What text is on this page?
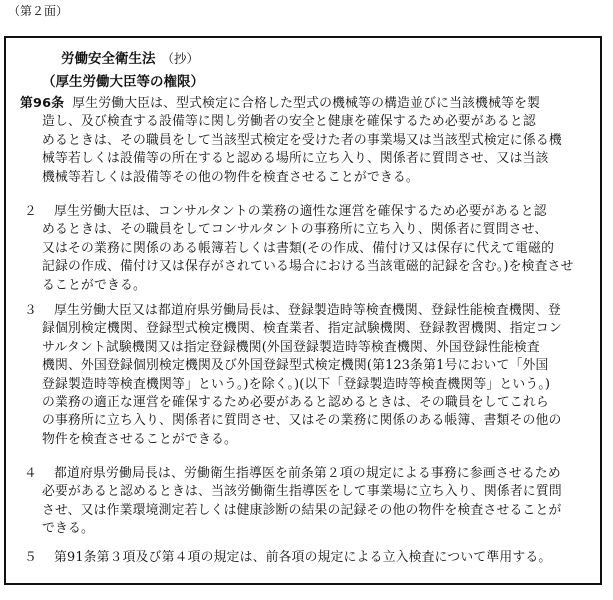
（第２面）
労働安全衛生法 （抄）
（厚生労働大臣等の権限）
第96条 厚生労働大臣は、型式検定に合格した型式の機械等の構造並びに当該機械等を製
造し、及び検査する設備等に関し労働者の安全と健康を確保するため必要があると認
めるときは、その職員をして当該型式検定を受けた者の事業場又は当該型式検定に係る機
械等若しくは設備等の所在すると認める場所に立ち入り、関係者に質問させ、又は当該
機械等若しくは設備等その他の物件を検査させることができる。
２ 厚生労働大臣は、コンサルタントの業務の適性な運営を確保するため必要があると認
めるときは、その職員をしてコンサルタントの事務所に立ち入り、関係者に質問させ、
又はその業務に関係のある帳簿若しくは書類(その作成、備付け又は保存に代えて電磁的
記録の作成、備付け又は保存がされている場合における当該電磁的記録を含む。)を検査させ
ることができる。
３ 厚生労働大臣又は都道府県労働局長は、登録製造時等検査機関、登録性能検査機関、登
録個別検定機関、登録型式検定機関、検査業者、指定試験機関、登録教習機関、指定コン
サルタント試験機関又は指定登録機関(外国登録製造時等検査機関、外国登録性能検査
機関、外国登録個別検定機関及び外国登録型式検定機関(第123条第1号において「外国
登録製造時等検査機関等」という。)を除く。)(以下「登録製造時等検査機関等」という。)
の業務の適正な運営を確保するため必要があると認めるときは、その職員をしてこれら
の事務所に立ち入り、関係者に質問させ、又はその業務に関係のある帳簿、書類その他の
物件を検査させることができる。
４ 都道府県労働局長は、労働衛生指導医を前条第２項の規定による事務に参画させるため
必要があると認めるときは、当該労働衛生指導医をして事業場に立ち入り、関係者に質問
させ、又は作業環境測定若しくは健康診断の結果の記録その他の物件を検査させることが
できる。
５ 第91条第３項及び第４項の規定は、前各項の規定による立入検査について準用する。
